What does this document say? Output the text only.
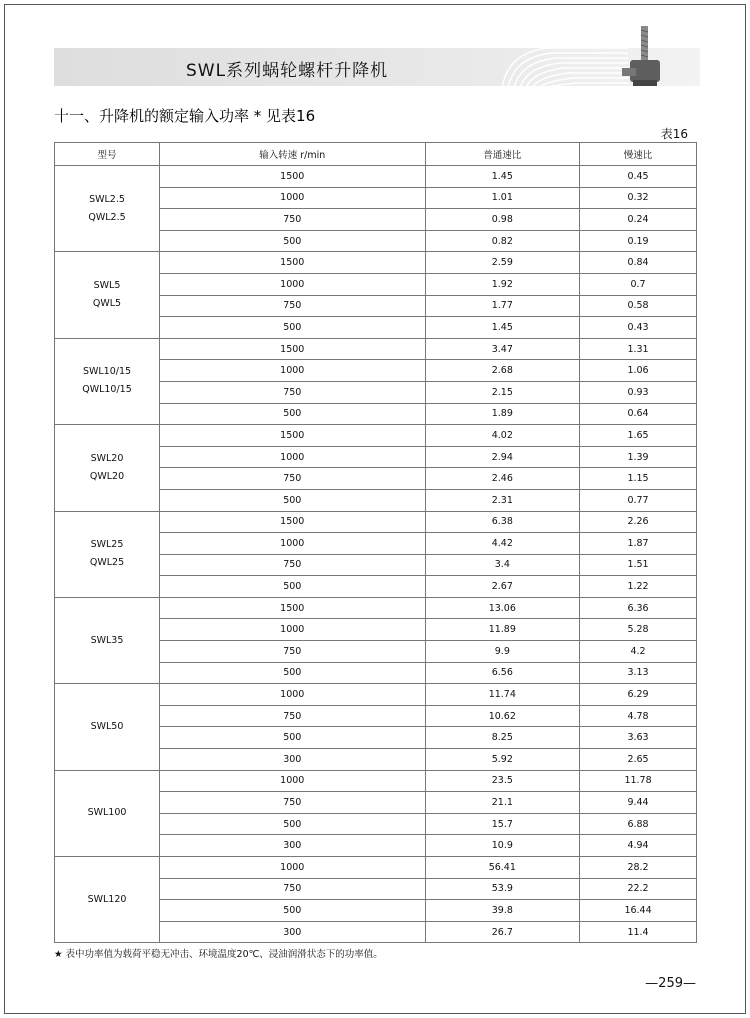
SWL系列蜗轮螺杆升降机
十一、升降机的额定输入功率 * 见表16
表16
型号	输入转速 r/min	普通速比	慢速比

SWL2.5
QWL2.5	1500	1.45	0.45
	1000	1.01	0.32
	750	0.98	0.24
	500	0.82	0.19

SWL5
QWL5	1500	2.59	0.84
	1000	1.92	0.7
	750	1.77	0.58
	500	1.45	0.43

SWL10/15
QWL10/15	1500	3.47	1.31
	1000	2.68	1.06
	750	2.15	0.93
	500	1.89	0.64

SWL20
QWL20	1500	4.02	1.65
	1000	2.94	1.39
	750	2.46	1.15
	500	2.31	0.77

SWL25
QWL25	1500	6.38	2.26
	1000	4.42	1.87
	750	3.4	1.51
	500	2.67	1.22

SWL35	1500	13.06	6.36
	1000	11.89	5.28
	750	9.9	4.2
	500	6.56	3.13

SWL50	1000	11.74	6.29
	750	10.62	4.78
	500	8.25	3.63
	300	5.92	2.65

SWL100	1000	23.5	11.78
	750	21.1	9.44
	500	15.7	6.88
	300	10.9	4.94

SWL120	1000	56.41	28.2
	750	53.9	22.2
	500	39.8	16.44
	300	26.7	11.4
★ 表中功率值为载荷平稳无冲击、环境温度20℃、浸油润滑状态下的功率值。
—259—
